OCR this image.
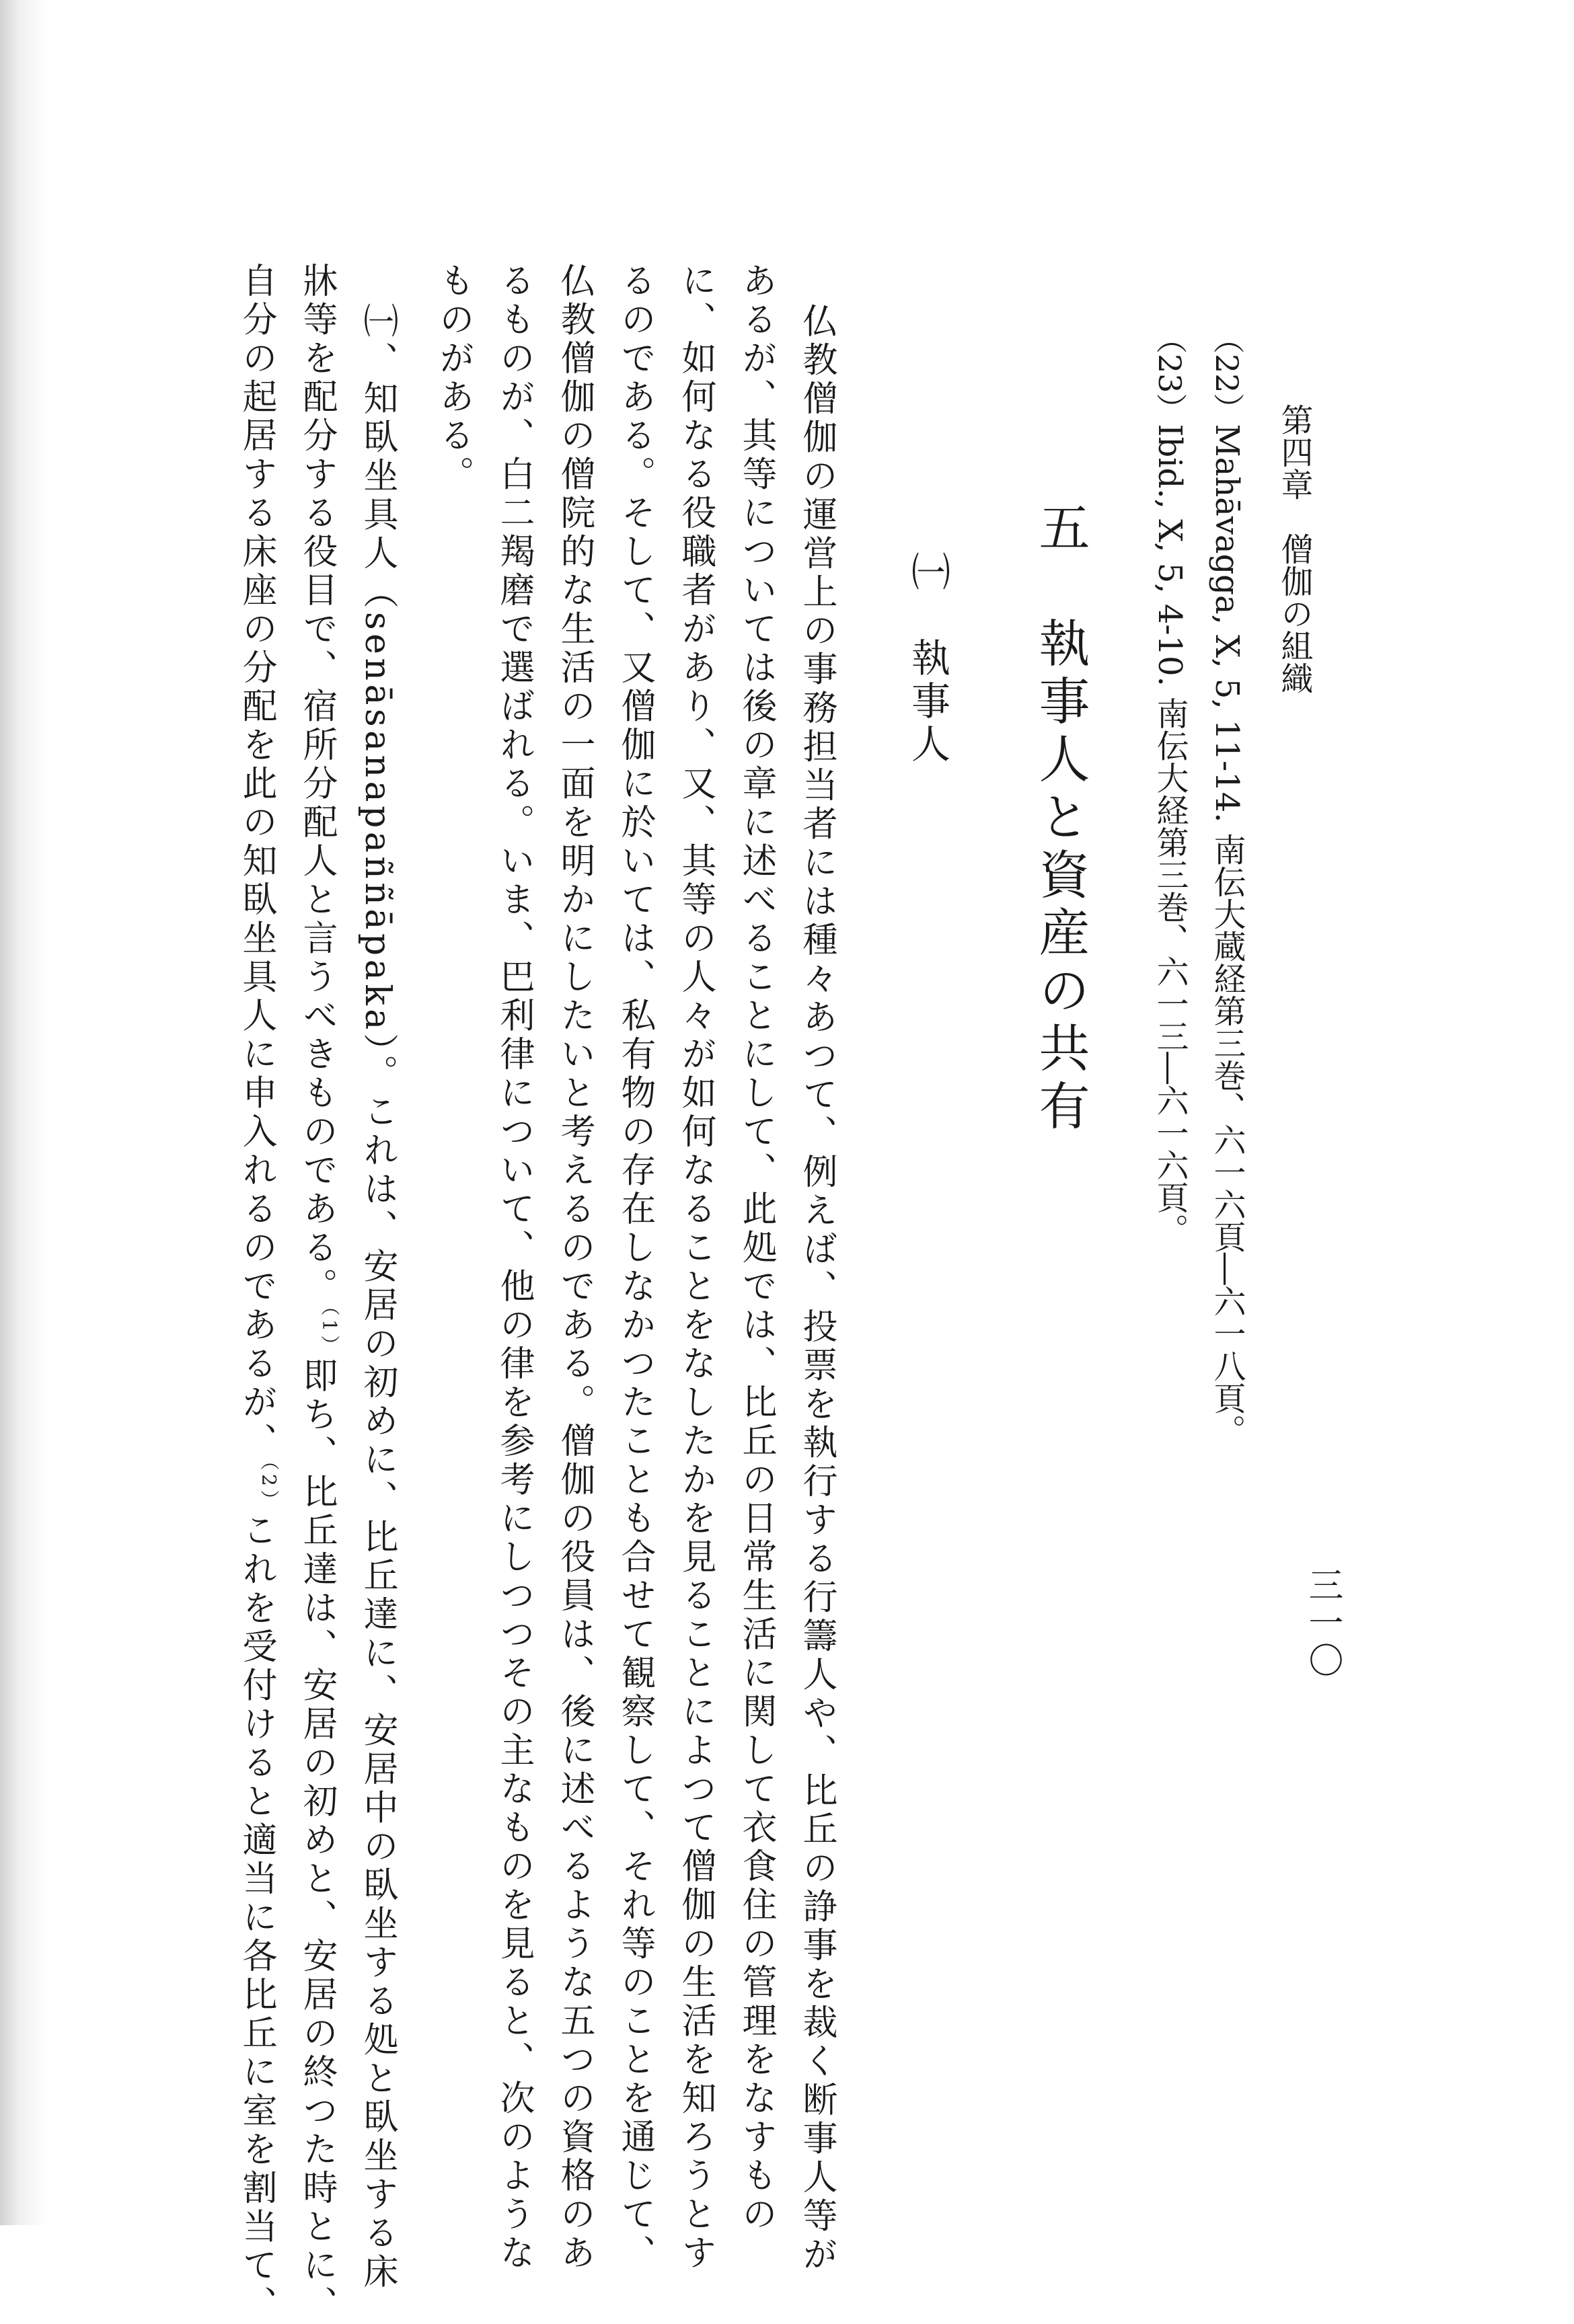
第四章　僧伽の組織
三一〇
（22）Mahāvagga, X, 5, 11-14. 南伝大蔵経第三巻、六一六頁―六一八頁。
（23）Ibid., X, 5, 4-10. 南伝大経第三巻、六一三―六一六頁。
五　執事人と資産の共有
㈠　執事人
仏教僧伽の運営上の事務担当者には種々あつて、例えば、投票を執行する行籌人や、比丘の諍事を裁く断事人等が
あるが、其等については後の章に述べることにして、此処では、比丘の日常生活に関して衣食住の管理をなすもの
に、如何なる役職者があり、又、其等の人々が如何なることをなしたかを見ることによつて僧伽の生活を知ろうとす
るのである。そして、又僧伽に於いては、私有物の存在しなかつたことも合せて観察して、それ等のことを通じて、
仏教僧伽の僧院的な生活の一面を明かにしたいと考えるのである。僧伽の役員は、後に述べるような五つの資格のあ
るものが、白二羯磨で選ばれる。いま、巴利律について、他の律を参考にしつつその主なものを見ると、次のような
ものがある。
㈠、知臥坐具人（senāsanapaññāpaka）。これは、安居の初めに、比丘達に、安居中の臥坐する処と臥坐する床
牀等を配分する役目で、宿所分配人と言うべきものである。$^{(1)}$即ち、比丘達は、安居の初めと、安居の終つた時とに、
自分の起居する床座の分配を此の知臥坐具人に申入れるのであるが、$^{(2)}$これを受付けると適当に各比丘に室を割当て、
